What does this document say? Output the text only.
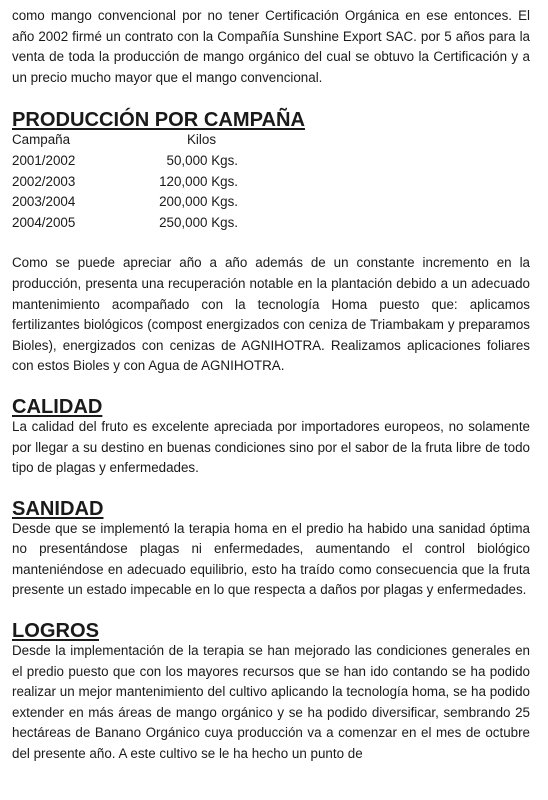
como mango convencional por no tener Certificación Orgánica en ese entonces. El año 2002 firmé un contrato con la Compañía Sunshine Export SAC. por 5 años para la venta de toda la producción de mango orgánico del cual se obtuvo la Certificación y a un precio mucho mayor que el mango convencional.

PRODUCCIÓN POR CAMPAÑA
Campaña	Kilos
2001/2002	50,000 Kgs.
2002/2003	120,000 Kgs.
2003/2004	200,000 Kgs.
2004/2005	250,000 Kgs.

Como se puede apreciar año a año además de un constante incremento en la producción, presenta una recuperación notable en la plantación debido a un adecuado mantenimiento acompañado con la tecnología Homa puesto que: aplicamos fertilizantes biológicos (compost energizados con ceniza de Triambakam y preparamos Bioles), energizados con cenizas de AGNIHOTRA. Realizamos aplicaciones foliares con estos Bioles y con Agua de AGNIHOTRA.

CALIDAD

La calidad del fruto es excelente apreciada por importadores europeos, no solamente por llegar a su destino en buenas condiciones sino por el sabor de la fruta libre de todo tipo de plagas y enfermedades.

SANIDAD

Desde que se implementó la terapia homa en el predio ha habido una sanidad óptima no presentándose plagas ni enfermedades, aumentando el control biológico manteniéndose en adecuado equilibrio, esto ha traído como consecuencia que la fruta presente un estado impecable en lo que respecta a daños por plagas y enfermedades.

LOGROS

Desde la implementación de la terapia se han mejorado las condiciones generales en el predio puesto que con los mayores recursos que se han ido contando se ha podido realizar un mejor mantenimiento del cultivo aplicando la tecnología homa, se ha podido extender en más áreas de mango orgánico y se ha podido diversificar, sembrando 25 hectáreas de Banano Orgánico cuya producción va a comenzar en el mes de octubre del presente año. A este cultivo se le ha hecho un punto de
